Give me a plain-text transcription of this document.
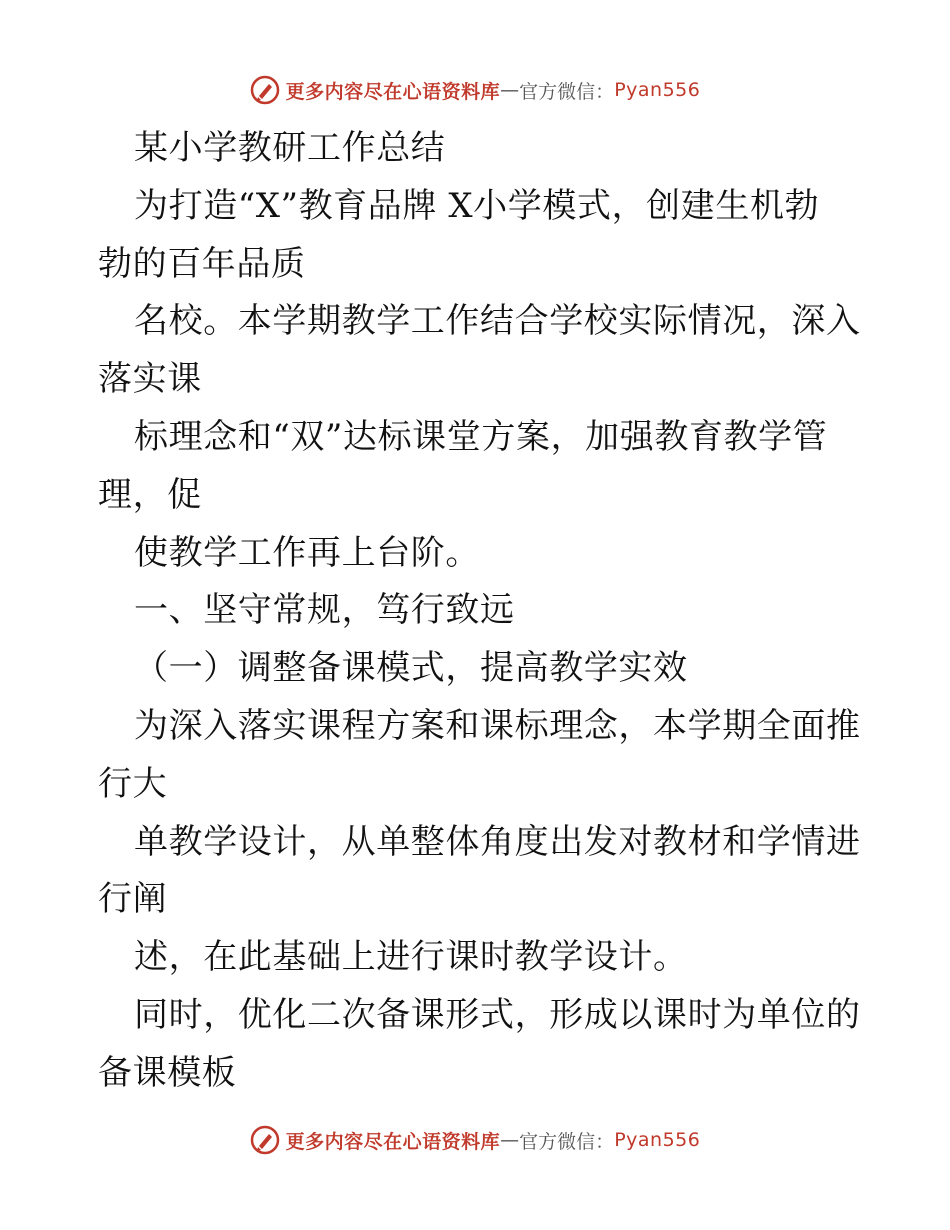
更多内容尽在心语资料库 — 官方微信： Pyan556
某小学教研工作总结
为打造“X”教育品牌 X小学模式，创建生机勃
勃的百年品质
名校。本学期教学工作结合学校实际情况，深入
落实课
标理念和“双”达标课堂方案，加强教育教学管
理，促
使教学工作再上台阶。
一、坚守常规，笃行致远
（一）调整备课模式，提高教学实效
为深入落实课程方案和课标理念，本学期全面推
行大
单教学设计，从单整体角度出发对教材和学情进
行阐
述，在此基础上进行课时教学设计。
同时，优化二次备课形式，形成以课时为单位的
备课模板
更多内容尽在心语资料库 — 官方微信： Pyan556
